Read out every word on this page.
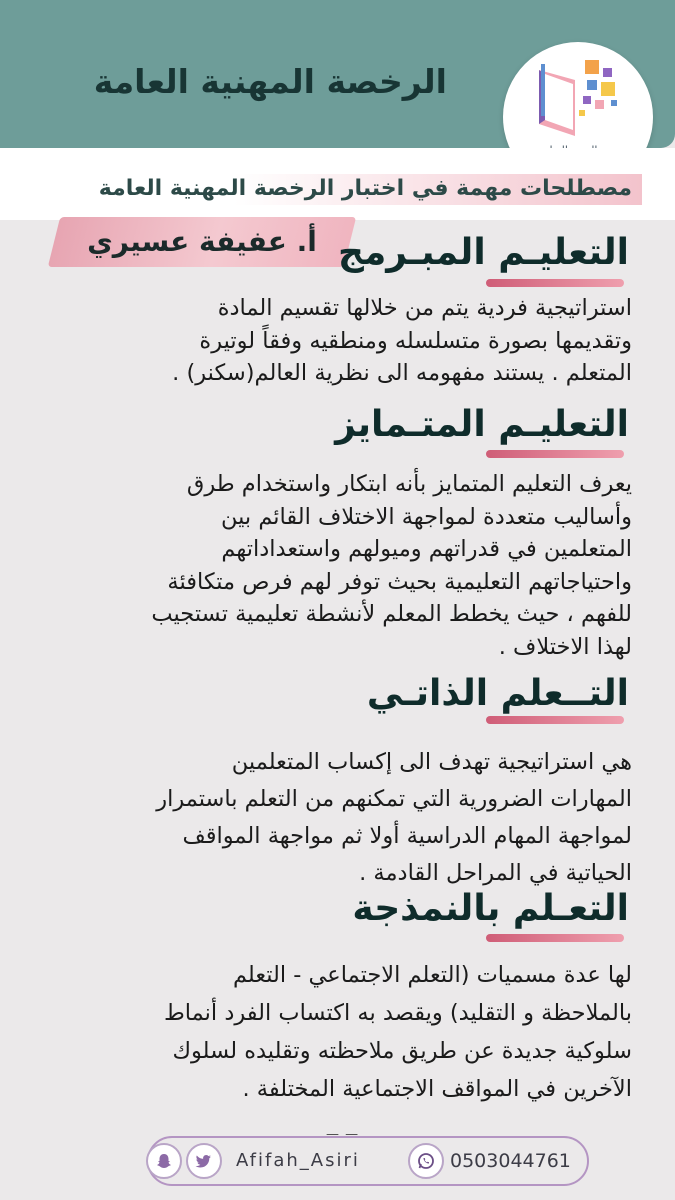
الرخصة المهنية العامة
مصطلحات مهمة في اختبار الرخصة المهنية العامة
أ. عفيفة عسيري التعليـم المبـرمج
استراتيجية فردية يتم من خلالها تقسيم المادة
وتقديمها بصورة متسلسله ومنطقيه وفقاً لوتيرة
المتعلم . يستند مفهومه الى نظرية العالم(سكنر) .
التعليـم المتـمايز
يعرف التعليم المتمايز بأنه ابتكار واستخدام طرق
وأساليب متعددة لمواجهة الاختلاف القائم بين
المتعلمين في قدراتهم وميولهم واستعداداتهم
واحتياجاتهم التعليمية بحيث توفر لهم فرص متكافئة
للفهم ، حيث يخطط المعلم لأنشطة تعليمية تستجيب
لهذا الاختلاف .
التــعلم الذاتـي
هي استراتيجية تهدف الى إكساب المتعلمين
المهارات الضرورية التي تمكنهم من التعلم باستمرار
لمواجهة المهام الدراسية أولا ثم مواجهة المواقف
الحياتية في المراحل القادمة .
التعـلم بالنمذجة
لها عدة مسميات (التعلم الاجتماعي - التعلم
بالملاحظة و التقليد) ويقصد به اكتساب الفرد أنماط
سلوكية جديدة عن طريق ملاحظته وتقليده لسلوك
الآخرين في المواقف الاجتماعية المختلفة .
— —
Afifah_Asiri	0503044761
